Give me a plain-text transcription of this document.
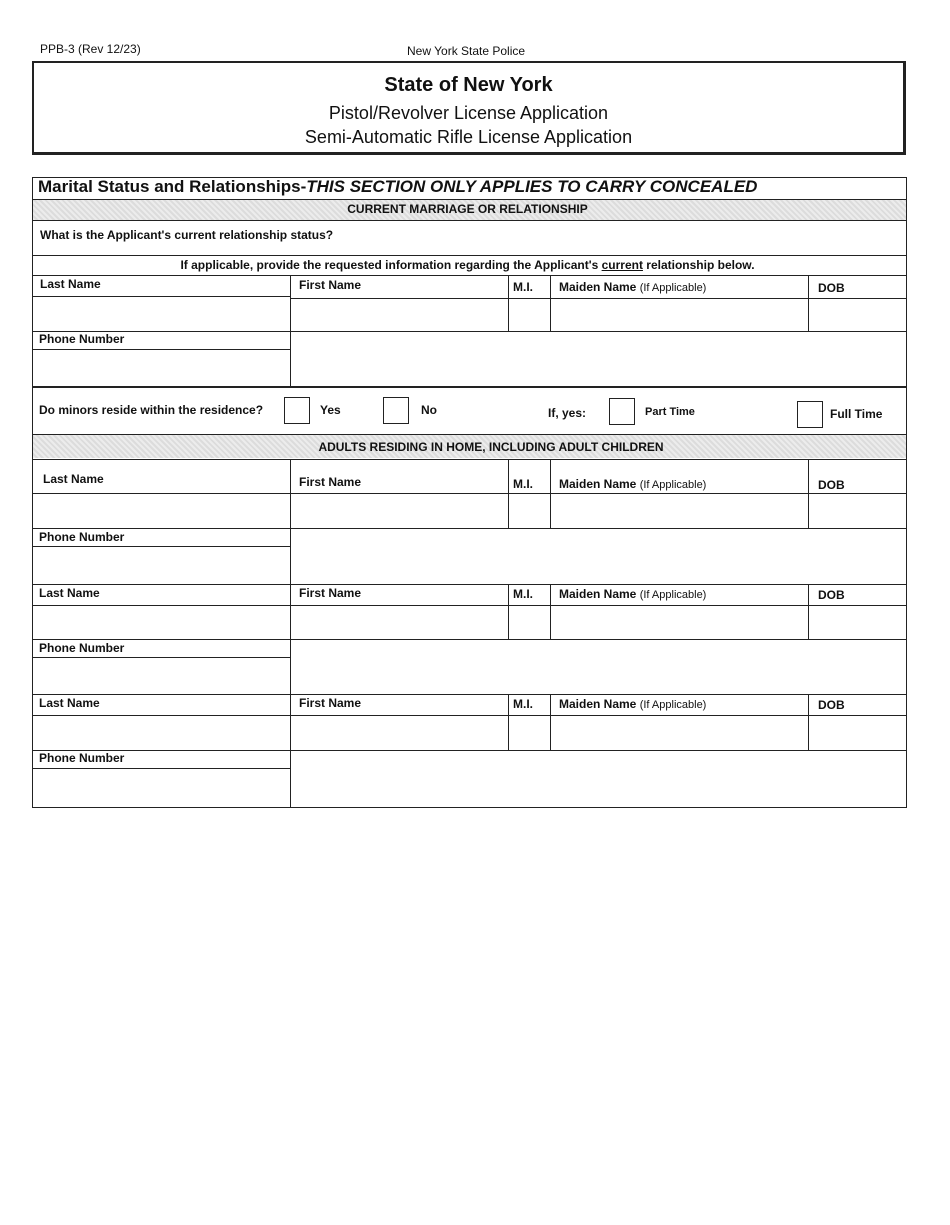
PPB-3 (Rev 12/23)	New York State Police
State of New York
Pistol/Revolver License Application
Semi-Automatic Rifle License Application
Marital Status and Relationships-THIS SECTION ONLY APPLIES TO CARRY CONCEALED
CURRENT MARRIAGE OR RELATIONSHIP
What is the Applicant's current relationship status?
If applicable, provide the requested information regarding the Applicant's current relationship below.
Last Name	First Name	M.I. Maiden Name (If Applicable)	DOB
Phone Number
Do minors reside within the residence?	Yes	No	If, yes:	Part Time	Full Time
ADULTS RESIDING IN HOME, INCLUDING ADULT CHILDREN
Last Name	First Name	M.I. Maiden Name (If Applicable)	DOB
Phone Number
Last Name	First Name	M.I. Maiden Name (If Applicable)	DOB
Phone Number
Last Name	First Name	M.I. Maiden Name (If Applicable)	DOB
Phone Number
